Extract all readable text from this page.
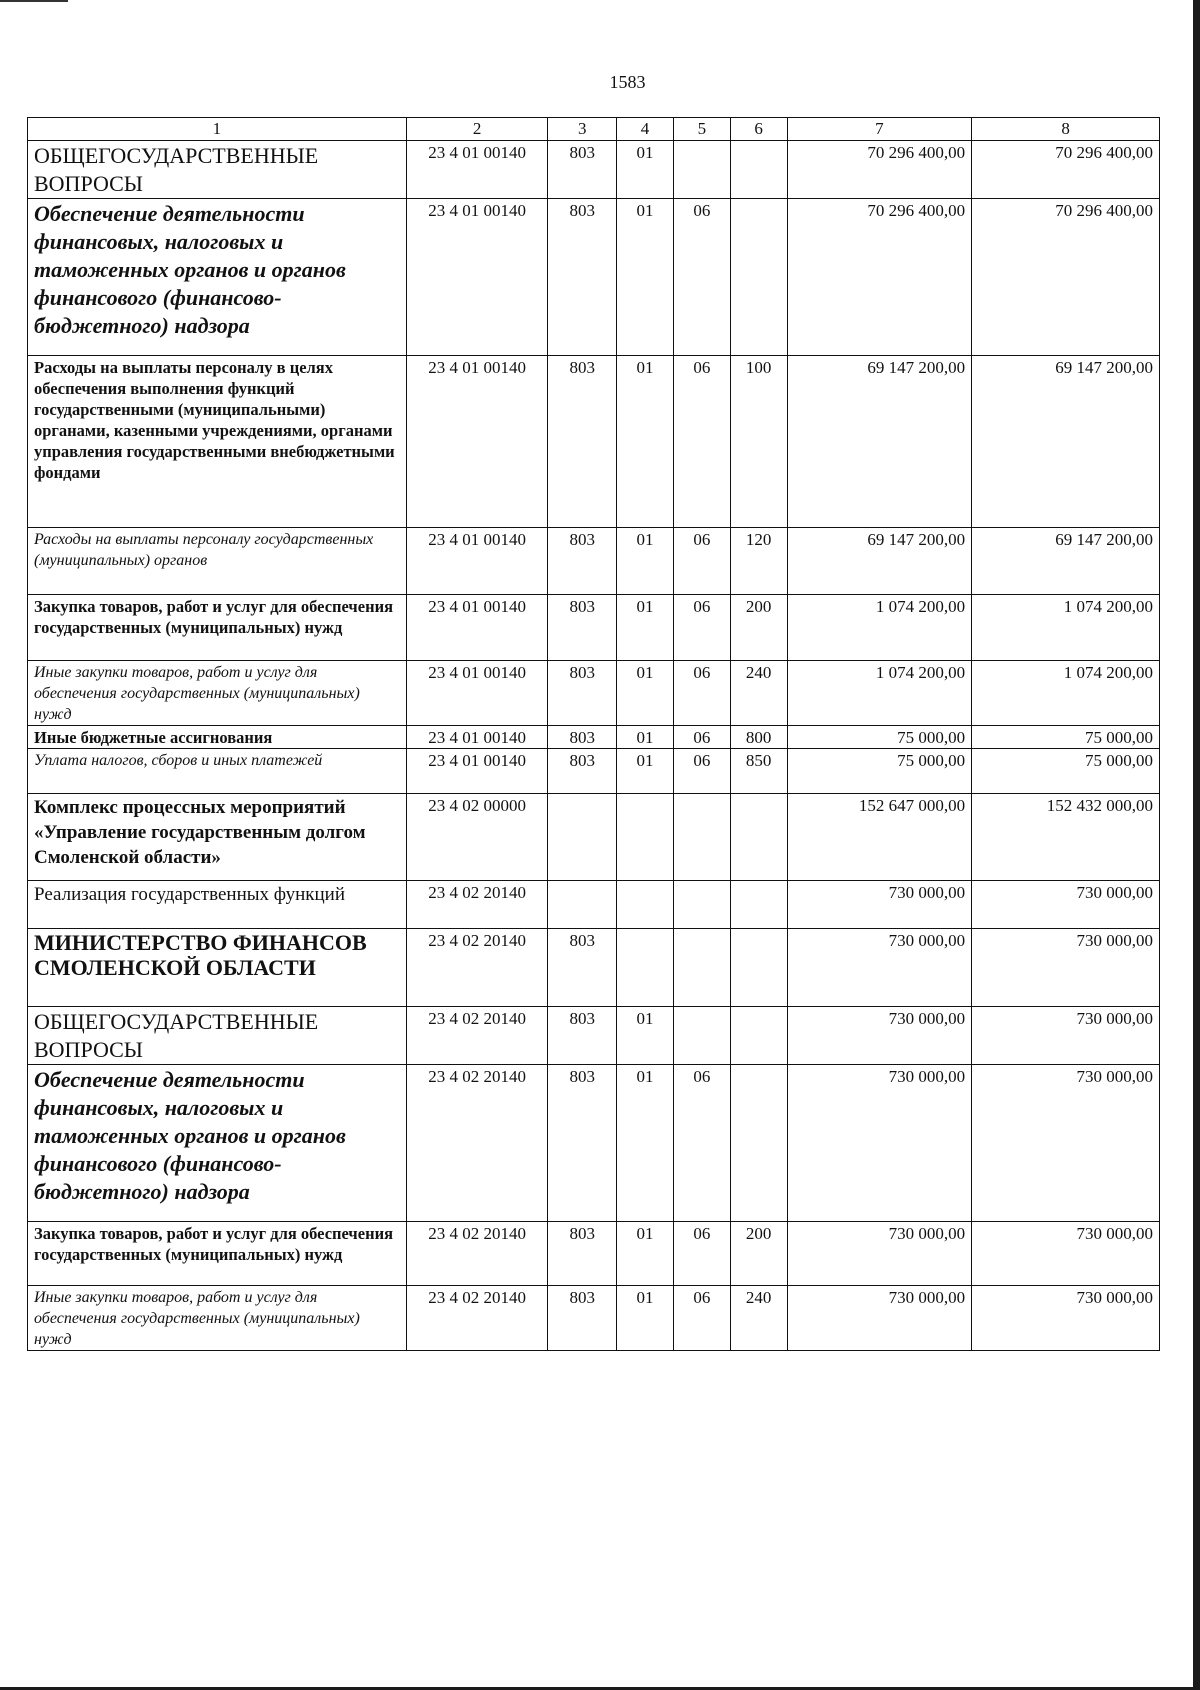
1583
1	2	3	4	5	6	7	8
ОБЩЕГОСУДАРСТВЕННЫЕ ВОПРОСЫ	23 4 01 00140	803	01			70 296 400,00	70 296 400,00
Обеспечение деятельности финансовых, налоговых и таможенных органов и органов финансового (финансово-бюджетного) надзора	23 4 01 00140	803	01	06		70 296 400,00	70 296 400,00
Расходы на выплаты персоналу в целях обеспечения выполнения функций государственными (муниципальными) органами, казенными учреждениями, органами управления государственными внебюджетными фондами	23 4 01 00140	803	01	06	100	69 147 200,00	69 147 200,00
Расходы на выплаты персоналу государственных (муниципальных) органов	23 4 01 00140	803	01	06	120	69 147 200,00	69 147 200,00
Закупка товаров, работ и услуг для обеспечения государственных (муниципальных) нужд	23 4 01 00140	803	01	06	200	1 074 200,00	1 074 200,00
Иные закупки товаров, работ и услуг для обеспечения государственных (муниципальных) нужд	23 4 01 00140	803	01	06	240	1 074 200,00	1 074 200,00
Иные бюджетные ассигнования	23 4 01 00140	803	01	06	800	75 000,00	75 000,00
Уплата налогов, сборов и иных платежей	23 4 01 00140	803	01	06	850	75 000,00	75 000,00
Комплекс процессных мероприятий «Управление государственным долгом Смоленской области»	23 4 02 00000					152 647 000,00	152 432 000,00
Реализация государственных функций	23 4 02 20140					730 000,00	730 000,00
МИНИСТЕРСТВО ФИНАНСОВ СМОЛЕНСКОЙ ОБЛАСТИ	23 4 02 20140	803				730 000,00	730 000,00
ОБЩЕГОСУДАРСТВЕННЫЕ ВОПРОСЫ	23 4 02 20140	803	01			730 000,00	730 000,00
Обеспечение деятельности финансовых, налоговых и таможенных органов и органов финансового (финансово-бюджетного) надзора	23 4 02 20140	803	01	06		730 000,00	730 000,00
Закупка товаров, работ и услуг для обеспечения государственных (муниципальных) нужд	23 4 02 20140	803	01	06	200	730 000,00	730 000,00
Иные закупки товаров, работ и услуг для обеспечения государственных (муниципальных) нужд	23 4 02 20140	803	01	06	240	730 000,00	730 000,00
